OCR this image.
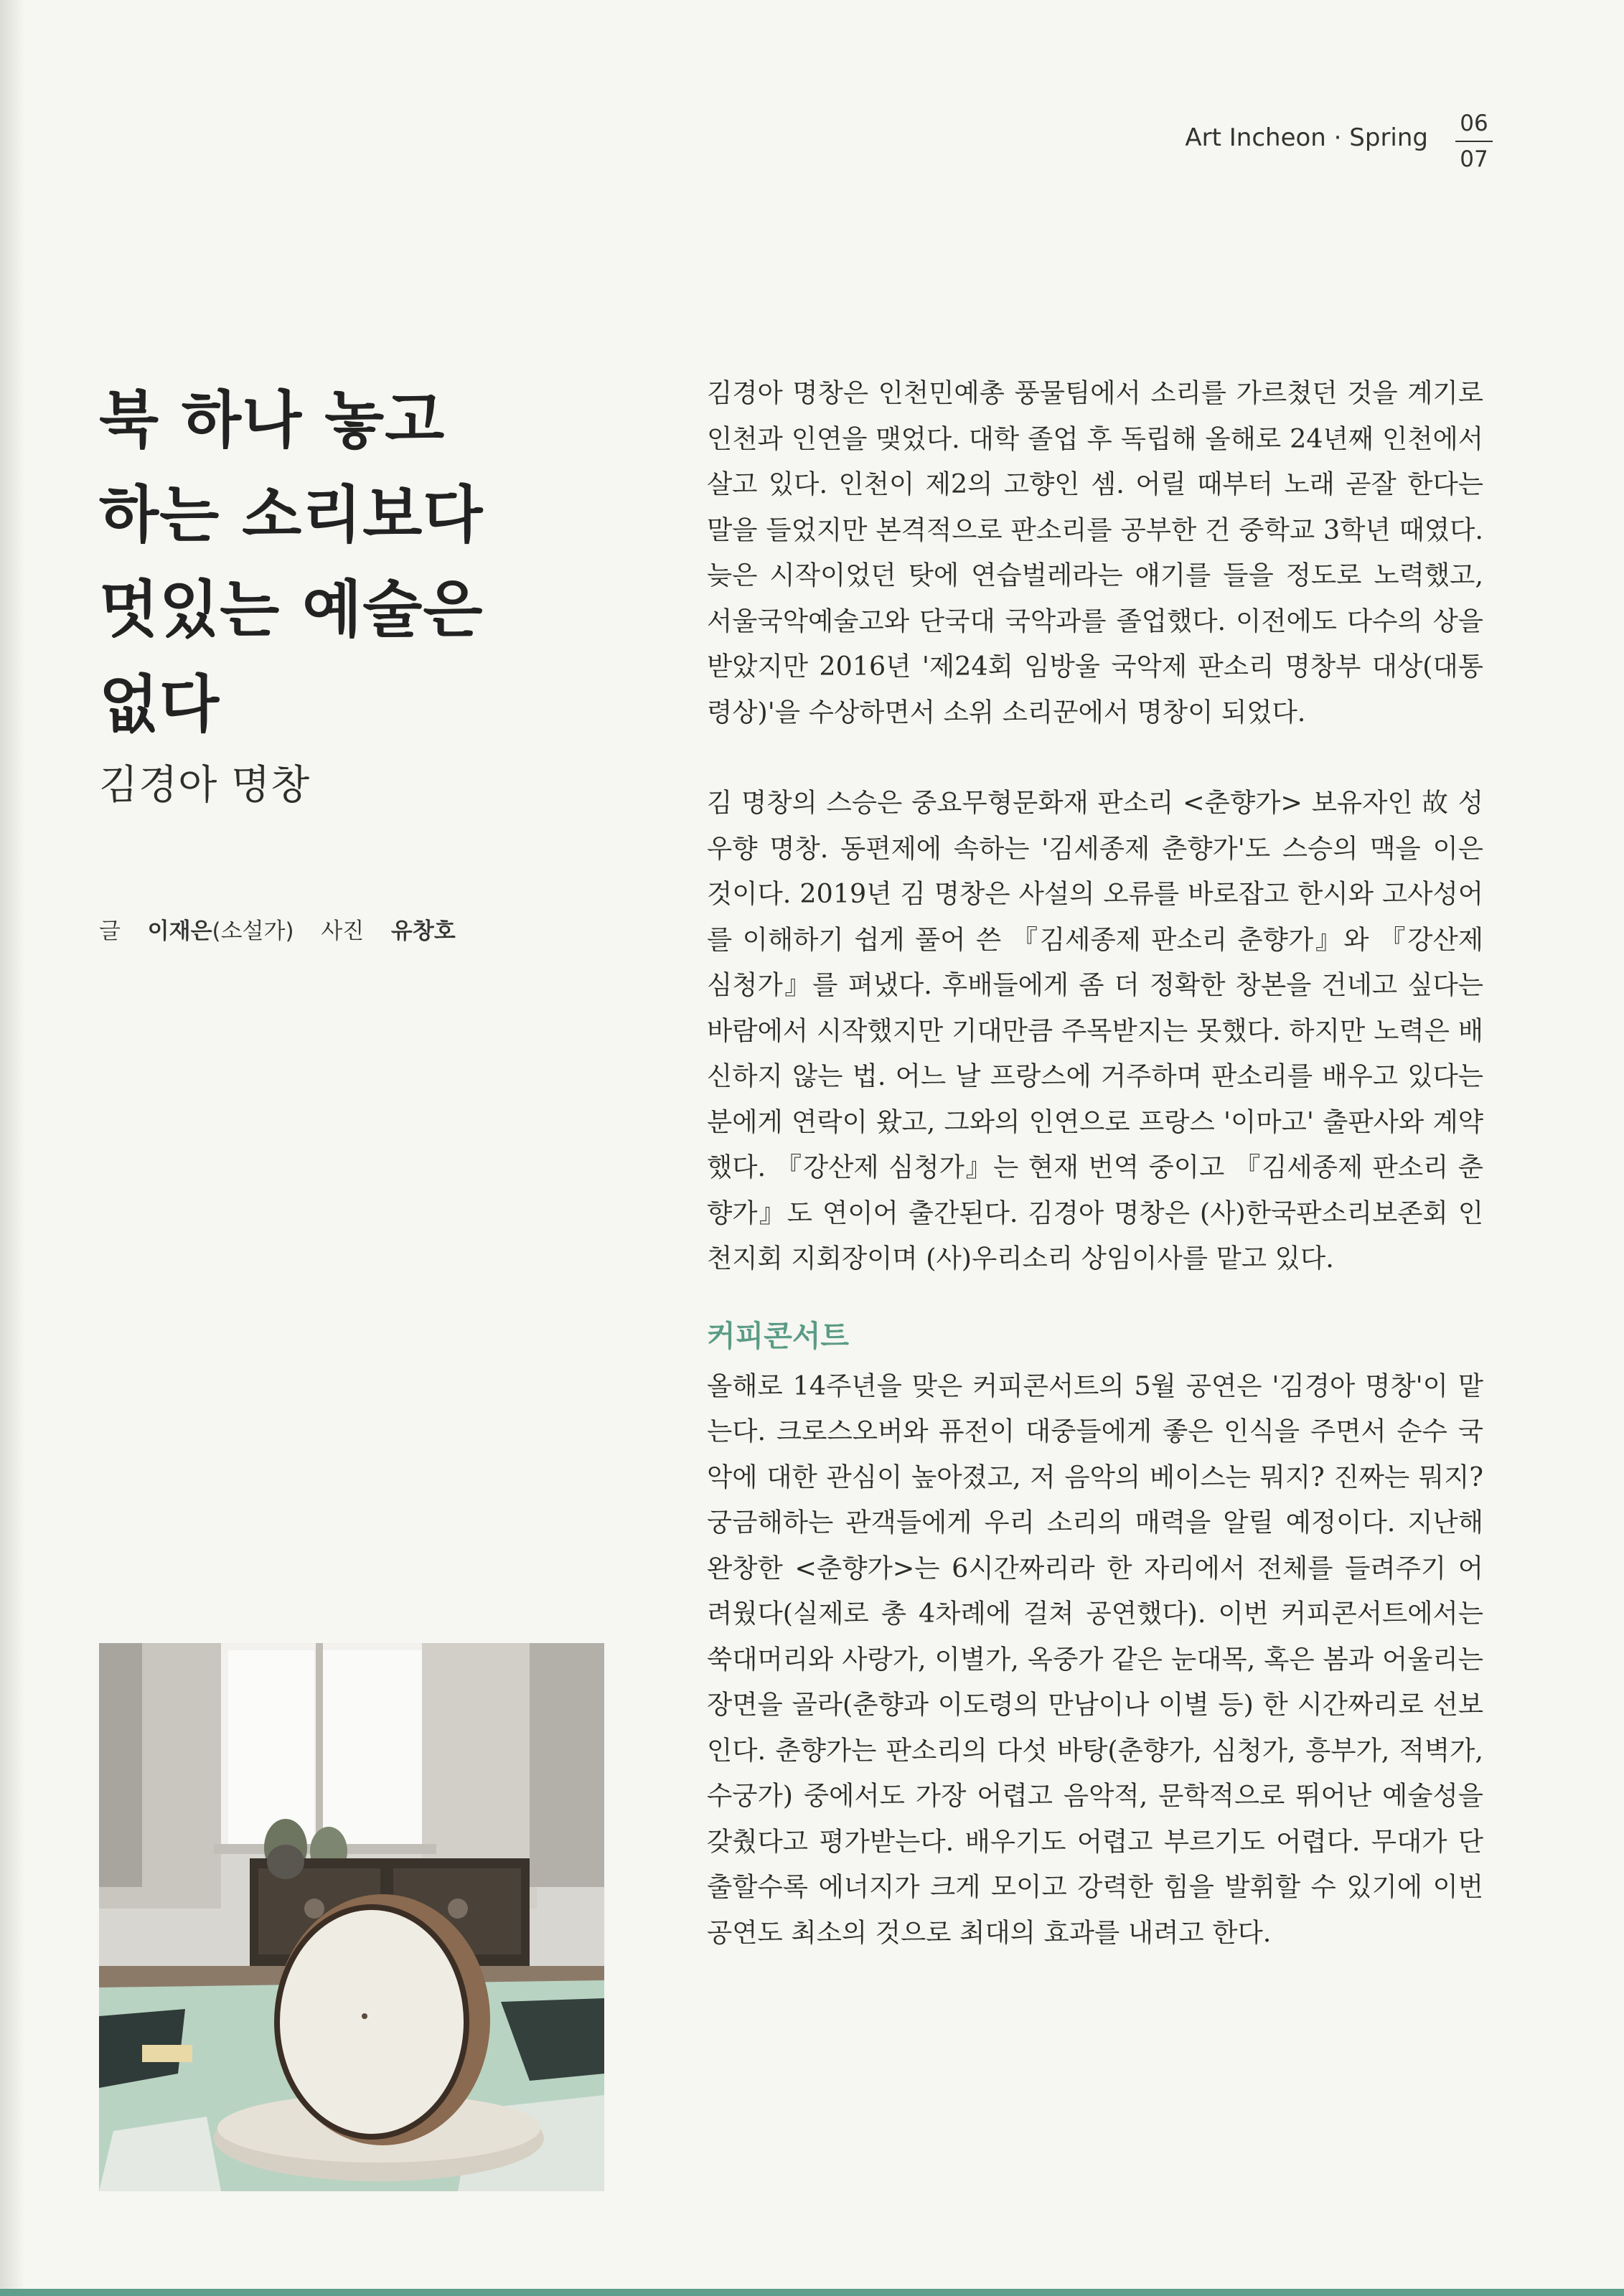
Art Incheon · Spring	06
07
북 하나 놓고
하는 소리보다
멋있는 예술은
없다
김경아 명창
글 이재은(소설가) 사진 유창호

김경아 명창은 인천민예총 풍물팀에서 소리를 가르쳤던 것을 계기로 인천과 인연을 맺었다. 대학 졸업 후 독립해 올해로 24년째 인천에서 살고 있다. 인천이 제2의 고향인 셈. 어릴 때부터 노래 곧잘 한다는 말을 들었지만 본격적으로 판소리를 공부한 건 중학교 3학년 때였다. 늦은 시작이었던 탓에 연습벌레라는 얘기를 들을 정도로 노력했고, 서울국악예술고와 단국대 국악과를 졸업했다. 이전에도 다수의 상을 받았지만 2016년 '제24회 임방울 국악제 판소리 명창부 대상(대통령상)'을 수상하면서 소위 소리꾼에서 명창이 되었다.

김 명창의 스승은 중요무형문화재 판소리 <춘향가> 보유자인 故 성우향 명창. 동편제에 속하는 '김세종제 춘향가'도 스승의 맥을 이은 것이다. 2019년 김 명창은 사설의 오류를 바로잡고 한시와 고사성어를 이해하기 쉽게 풀어 쓴 『김세종제 판소리 춘향가』와 『강산제 심청가』를 펴냈다. 후배들에게 좀 더 정확한 창본을 건네고 싶다는 바람에서 시작했지만 기대만큼 주목받지는 못했다. 하지만 노력은 배신하지 않는 법. 어느 날 프랑스에 거주하며 판소리를 배우고 있다는 분에게 연락이 왔고, 그와의 인연으로 프랑스 '이마고' 출판사와 계약했다. 『강산제 심청가』는 현재 번역 중이고 『김세종제 판소리 춘향가』도 연이어 출간된다. 김경아 명창은 (사)한국판소리보존회 인천지회 지회장이며 (사)우리소리 상임이사를 맡고 있다.

커피콘서트

올해로 14주년을 맞은 커피콘서트의 5월 공연은 '김경아 명창'이 맡는다. 크로스오버와 퓨전이 대중들에게 좋은 인식을 주면서 순수 국악에 대한 관심이 높아졌고, 저 음악의 베이스는 뭐지? 진짜는 뭐지? 궁금해하는 관객들에게 우리 소리의 매력을 알릴 예정이다. 지난해 완창한 <춘향가>는 6시간짜리라 한 자리에서 전체를 들려주기 어려웠다(실제로 총 4차례에 걸쳐 공연했다). 이번 커피콘서트에서는 쑥대머리와 사랑가, 이별가, 옥중가 같은 눈대목, 혹은 봄과 어울리는 장면을 골라(춘향과 이도령의 만남이나 이별 등) 한 시간짜리로 선보인다. 춘향가는 판소리의 다섯 바탕(춘향가, 심청가, 흥부가, 적벽가, 수궁가) 중에서도 가장 어렵고 음악적, 문학적으로 뛰어난 예술성을 갖췄다고 평가받는다. 배우기도 어렵고 부르기도 어렵다. 무대가 단출할수록 에너지가 크게 모이고 강력한 힘을 발휘할 수 있기에 이번 공연도 최소의 것으로 최대의 효과를 내려고 한다.
